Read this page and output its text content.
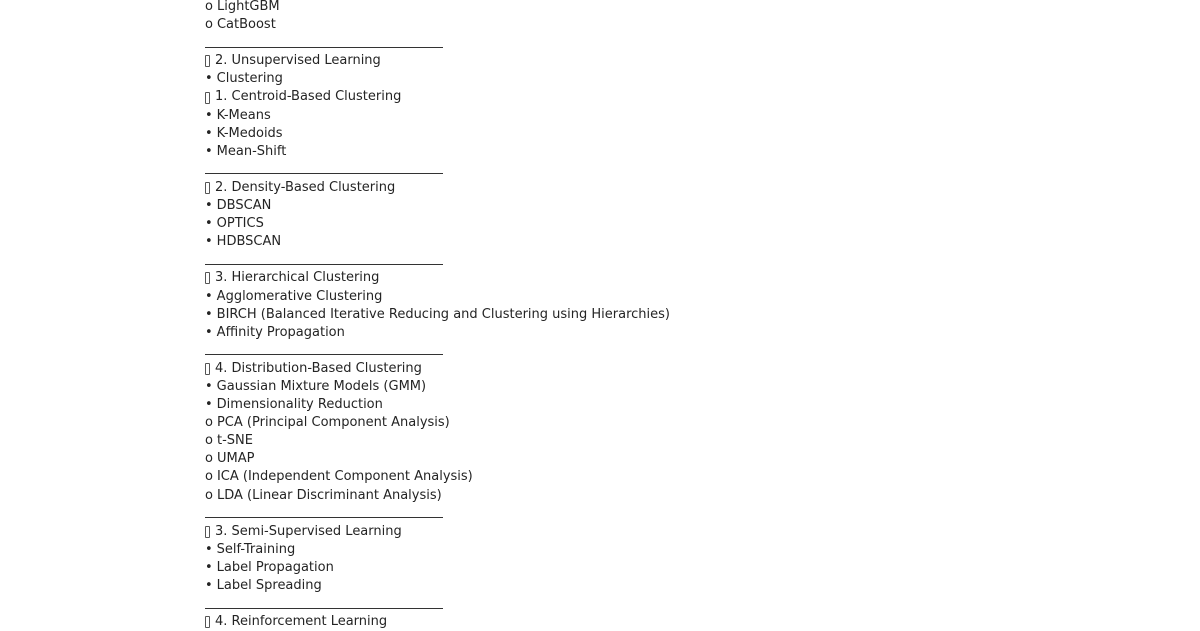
o LightGBM
o CatBoost
2. Unsupervised Learning
• Clustering
1. Centroid-Based Clustering
• K-Means
• K-Medoids
• Mean-Shift
2. Density-Based Clustering
• DBSCAN
• OPTICS
• HDBSCAN
3. Hierarchical Clustering
• Agglomerative Clustering
• BIRCH (Balanced Iterative Reducing and Clustering using Hierarchies)
• Affinity Propagation
4. Distribution-Based Clustering
• Gaussian Mixture Models (GMM)
• Dimensionality Reduction
o PCA (Principal Component Analysis)
o t-SNE
o UMAP
o ICA (Independent Component Analysis)
o LDA (Linear Discriminant Analysis)
3. Semi-Supervised Learning
• Self-Training
• Label Propagation
• Label Spreading
4. Reinforcement Learning
